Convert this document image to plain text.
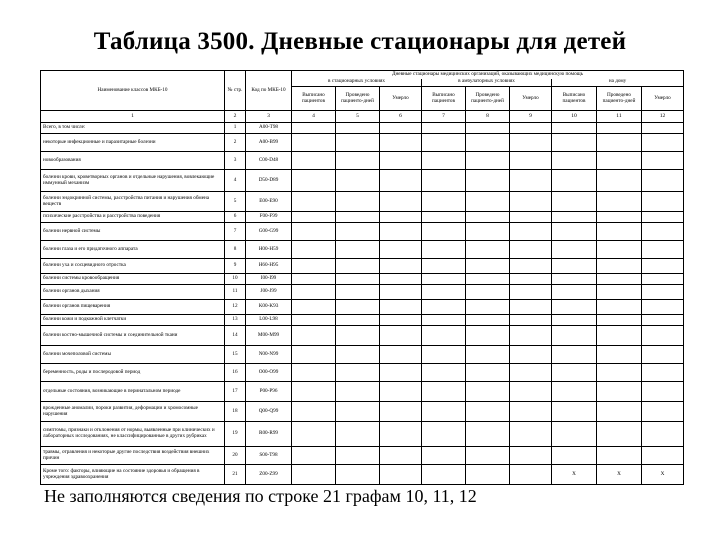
Таблица 3500. Дневные стационары для детей
Наименование классов МКБ-10	№ стр.	Код по МКБ-10	Дневные стационары медицинских организаций, оказывающих медицинскую помощь								
			в стационарных условиях			в амбулаторных условиях			на дому		
			Выписано пациентов	Проведено пациенто-дней	Умерло	Выписано пациентов	Проведено пациенто-дней	Умерло	Выписано пациентов	Проведено пациенто-дней	Умерло
1	2	3	4	5	6	7	8	9	10	11	12
Всего, в том числе:	1	А00-Т98									
некоторые инфекционные и паразитарные болезни	2	А00-В99									
новообразования	3	С00-D48									
болезни крови, кроветворных органов и отдельные нарушения, вовлекающие иммунный механизм	4	D50-D89									
болезни эндокринной системы, расстройства питания и нарушения обмена веществ	5	Е00-Е90									
психические расстройства и расстройства поведения	6	F00-F99									
болезни нервной системы	7	G00-G99									
болезни глаза и его придаточного аппарата	8	H00-H59									
болезни уха и сосцевидного отростка	9	H60-H95									
болезни системы кровообращения	10	I00-I99									
болезни органов дыхания	11	J00-J99									
болезни органов пищеварения	12	K00-K93									
болезни кожи и подкожной клетчатки	13	L00-L98									
болезни костно-мышечной системы и соединительной ткани	14	M00-M99									
болезни мочеполовой системы	15	N00-N99									
беременность, роды и послеродовой период	16	O00-O99									
отдельные состояния, возникающие в перинатальном периоде	17	P00-P96									
врожденные аномалии, пороки развития, деформации и хромосомные нарушения	18	Q00-Q99									
симптомы, признаки и отклонения от нормы, выявленные при клинических и лабораторных исследованиях, не классифицированные в других рубриках	19	R00-R99									
травмы, отравления и некоторые другие последствия воздействия внешних причин	20	S00-T98									
Кроме того: факторы, влияющие на состояние здоровья и обращения в учреждения здравоохранения	21	Z00-Z99							X	X	X

Не заполняются сведения по строке 21 графам 10, 11, 12
